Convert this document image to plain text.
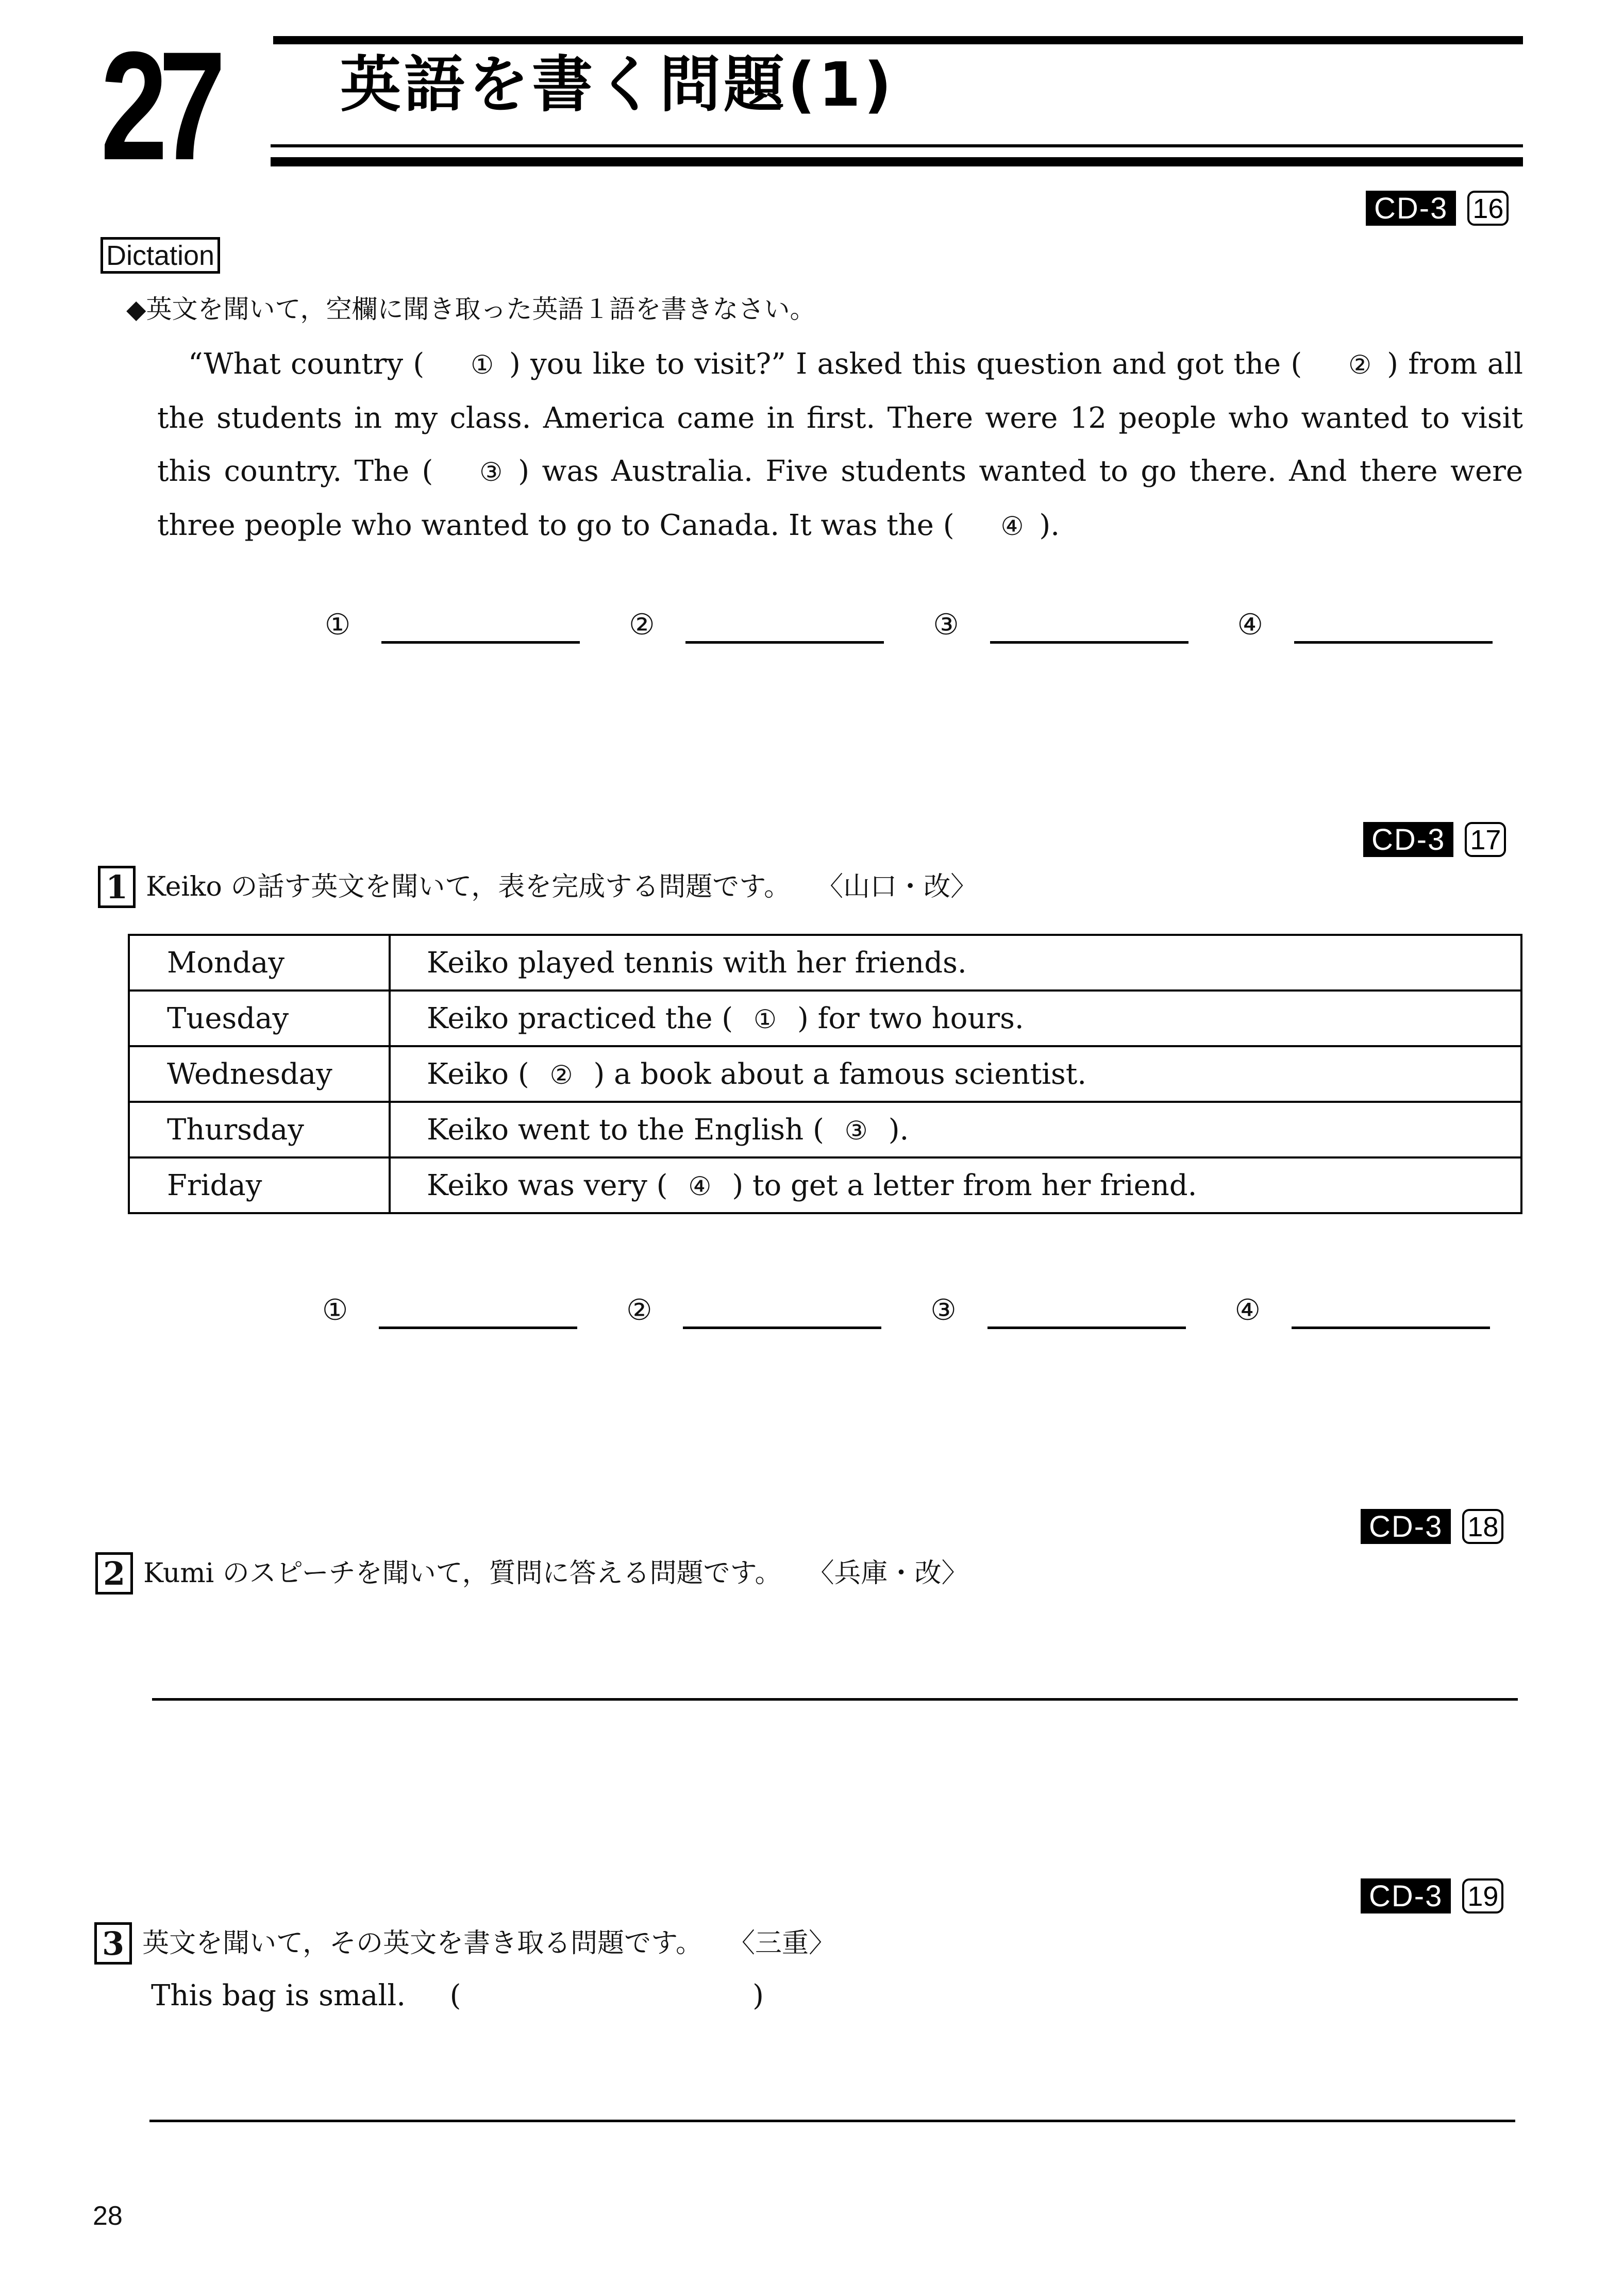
27 英語を書く問題(1)
CD-3 16
Dictation
◆英文を聞いて，空欄に聞き取った英語１語を書きなさい。
“What country ( ① ) you like to visit?” I asked this question and got the ( ② ) from all the students in my class. America came in first. There were 12 people who wanted to visit this country. The ( ③ ) was Australia. Five students wanted to go there. And there were three people who wanted to go to Canada. It was the ( ④ ).
①	②	③	④
CD-3 17
1 Keiko の話す英文を聞いて，表を完成する問題です。 〈山口・改〉
Monday	Keiko played tennis with her friends.
Tuesday	Keiko practiced the ( ① ) for two hours.
Wednesday	Keiko ( ② ) a book about a famous scientist.
Thursday	Keiko went to the English ( ③ ).
Friday	Keiko was very ( ④ ) to get a letter from her friend.
①	②	③	④
CD-3 18
2 Kumi のスピーチを聞いて，質問に答える問題です。 〈兵庫・改〉
CD-3 19
3 英文を聞いて，その英文を書き取る問題です。 〈三重〉
This bag is small. (	)
28
